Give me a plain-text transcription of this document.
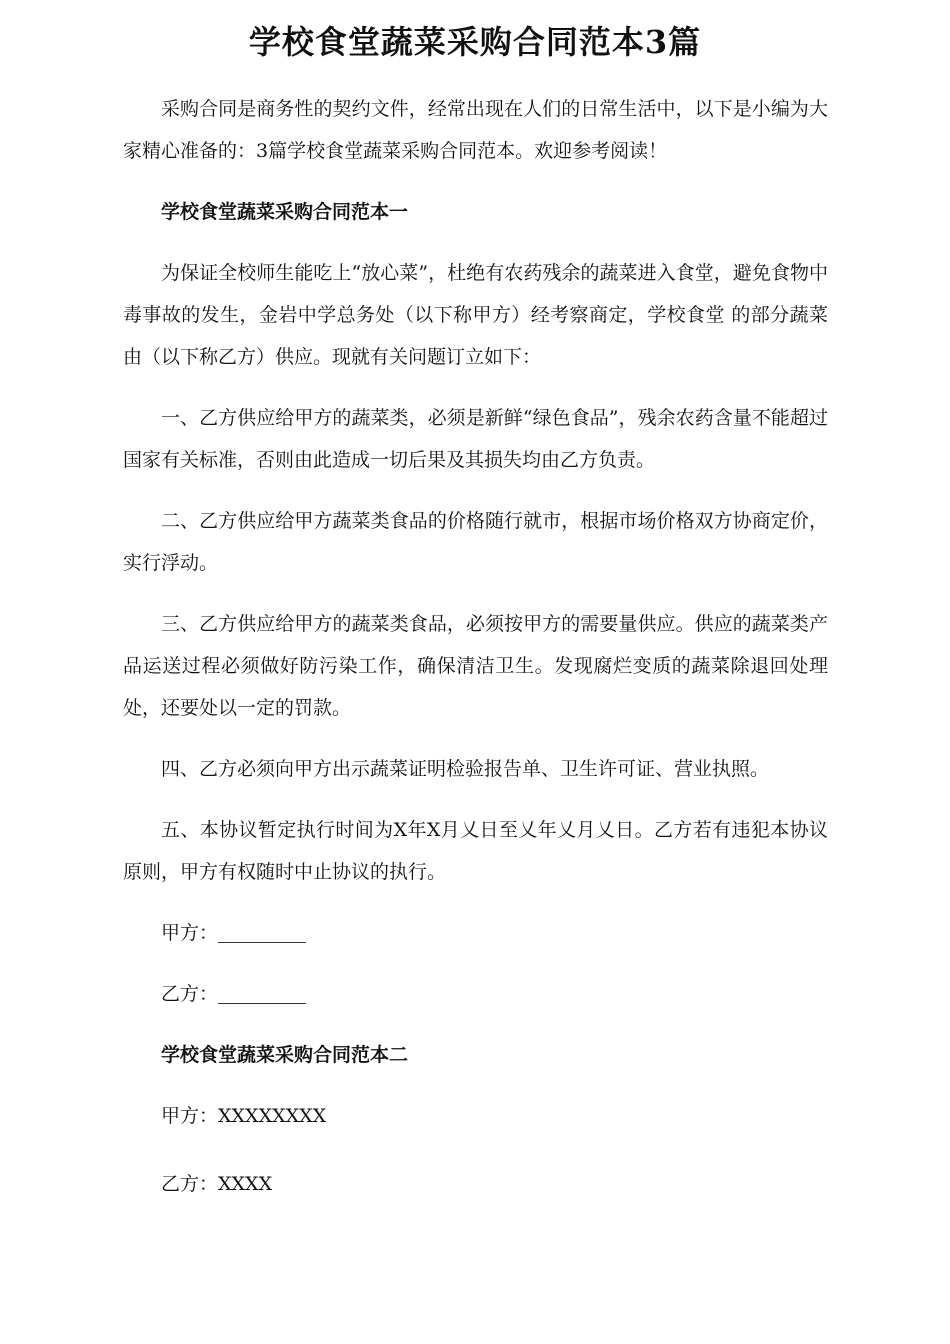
学校食堂蔬菜采购合同范本3篇

采购合同是商务性的契约文件，经常出现在人们的日常生活中，以下是小编为大家精心准备的：3篇学校食堂蔬菜采购合同范本。欢迎参考阅读！

学校食堂蔬菜采购合同范本一

为保证全校师生能吃上“放心菜”，杜绝有农药残余的蔬菜进入食堂，避免食物中毒事故的发生，金岩中学总务处（以下称甲方）经考察商定，学校食堂 的部分蔬菜由（以下称乙方）供应。现就有关问题订立如下：

一、乙方供应给甲方的蔬菜类，必须是新鲜“绿色食品”，残余农药含量不能超过国家有关标准，否则由此造成一切后果及其损失均由乙方负责。

二、乙方供应给甲方蔬菜类食品的价格随行就市，根据市场价格双方协商定价，实行浮动。

三、乙方供应给甲方的蔬菜类食品，必须按甲方的需要量供应。供应的蔬菜类产品运送过程必须做好防污染工作，确保清洁卫生。发现腐烂变质的蔬菜除退回处理处，还要处以一定的罚款。

四、乙方必须向甲方出示蔬菜证明检验报告单、卫生许可证、营业执照。

五、本协议暂定执行时间为X年X月乂日至乂年乂月乂日。乙方若有违犯本协议原则，甲方有权随时中止协议的执行。

甲方：
乙方：
学校食堂蔬菜采购合同范本二
甲方：XXXXXXXX
乙方：XXXX
